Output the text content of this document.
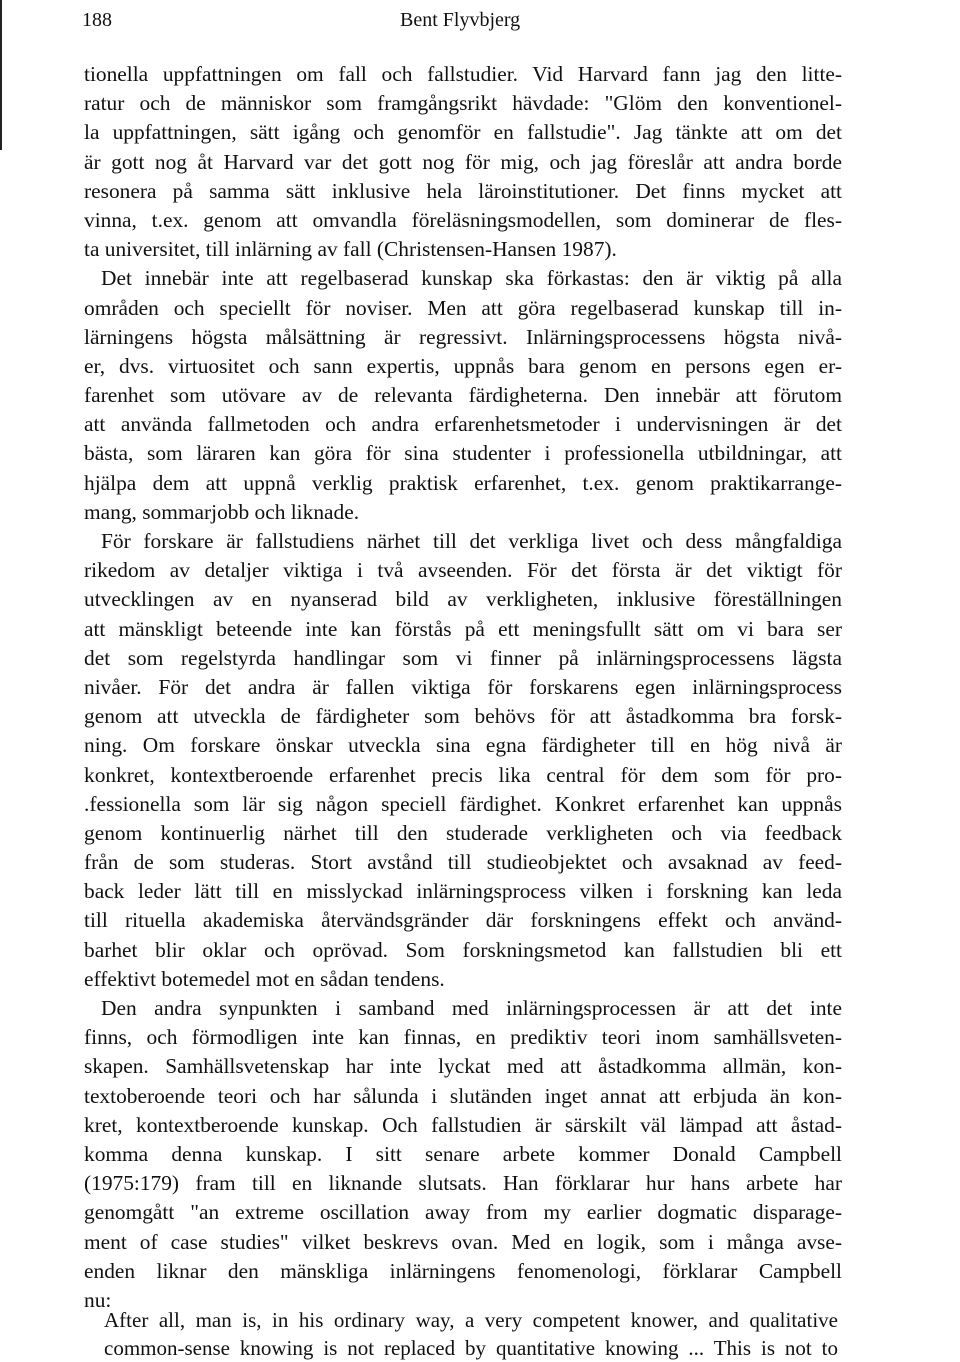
188	Bent Flyvbjerg
tionella uppfattningen om fall och fallstudier. Vid Harvard fann jag den litte-
ratur och de människor som framgångsrikt hävdade: "Glöm den konventionel-
la uppfattningen, sätt igång och genomför en fallstudie". Jag tänkte att om det
är gott nog åt Harvard var det gott nog för mig, och jag föreslår att andra borde
resonera på samma sätt inklusive hela läroinstitutioner. Det finns mycket att
vinna, t.ex. genom att omvandla föreläsningsmodellen, som dominerar de fles-
ta universitet, till inlärning av fall (Christensen-Hansen 1987).
Det innebär inte att regelbaserad kunskap ska förkastas: den är viktig på alla
områden och speciellt för noviser. Men att göra regelbaserad kunskap till in-
lärningens högsta målsättning är regressivt. Inlärningsprocessens högsta nivå-
er, dvs. virtuositet och sann expertis, uppnås bara genom en persons egen er-
farenhet som utövare av de relevanta färdigheterna. Den innebär att förutom
att använda fallmetoden och andra erfarenhetsmetoder i undervisningen är det
bästa, som läraren kan göra för sina studenter i professionella utbildningar, att
hjälpa dem att uppnå verklig praktisk erfarenhet, t.ex. genom praktikarrange-
mang, sommarjobb och liknade.
För forskare är fallstudiens närhet till det verkliga livet och dess mångfaldiga
rikedom av detaljer viktiga i två avseenden. För det första är det viktigt för
utvecklingen av en nyanserad bild av verkligheten, inklusive föreställningen
att mänskligt beteende inte kan förstås på ett meningsfullt sätt om vi bara ser
det som regelstyrda handlingar som vi finner på inlärningsprocessens lägsta
nivåer. För det andra är fallen viktiga för forskarens egen inlärningsprocess
genom att utveckla de färdigheter som behövs för att åstadkomma bra forsk-
ning. Om forskare önskar utveckla sina egna färdigheter till en hög nivå är
konkret, kontextberoende erfarenhet precis lika central för dem som för pro-
.fessionella som lär sig någon speciell färdighet. Konkret erfarenhet kan uppnås
genom kontinuerlig närhet till den studerade verkligheten och via feedback
från de som studeras. Stort avstånd till studieobjektet och avsaknad av feed-
back leder lätt till en misslyckad inlärningsprocess vilken i forskning kan leda
till rituella akademiska återvändsgränder där forskningens effekt och använd-
barhet blir oklar och oprövad. Som forskningsmetod kan fallstudien bli ett
effektivt botemedel mot en sådan tendens.
Den andra synpunkten i samband med inlärningsprocessen är att det inte
finns, och förmodligen inte kan finnas, en prediktiv teori inom samhällsveten-
skapen. Samhällsvetenskap har inte lyckat med att åstadkomma allmän, kon-
textoberoende teori och har sålunda i slutänden inget annat att erbjuda än kon-
kret, kontextberoende kunskap. Och fallstudien är särskilt väl lämpad att åstad-
komma denna kunskap. I sitt senare arbete kommer Donald Campbell
(1975:179) fram till en liknande slutsats. Han förklarar hur hans arbete har
genomgått "an extreme oscillation away from my earlier dogmatic disparage-
ment of case studies" vilket beskrevs ovan. Med en logik, som i många avse-
enden liknar den mänskliga inlärningens fenomenologi, förklarar Campbell
nu:
After all, man is, in his ordinary way, a very competent knower, and qualitative
common-sense knowing is not replaced by quantitative knowing ... This is not to
